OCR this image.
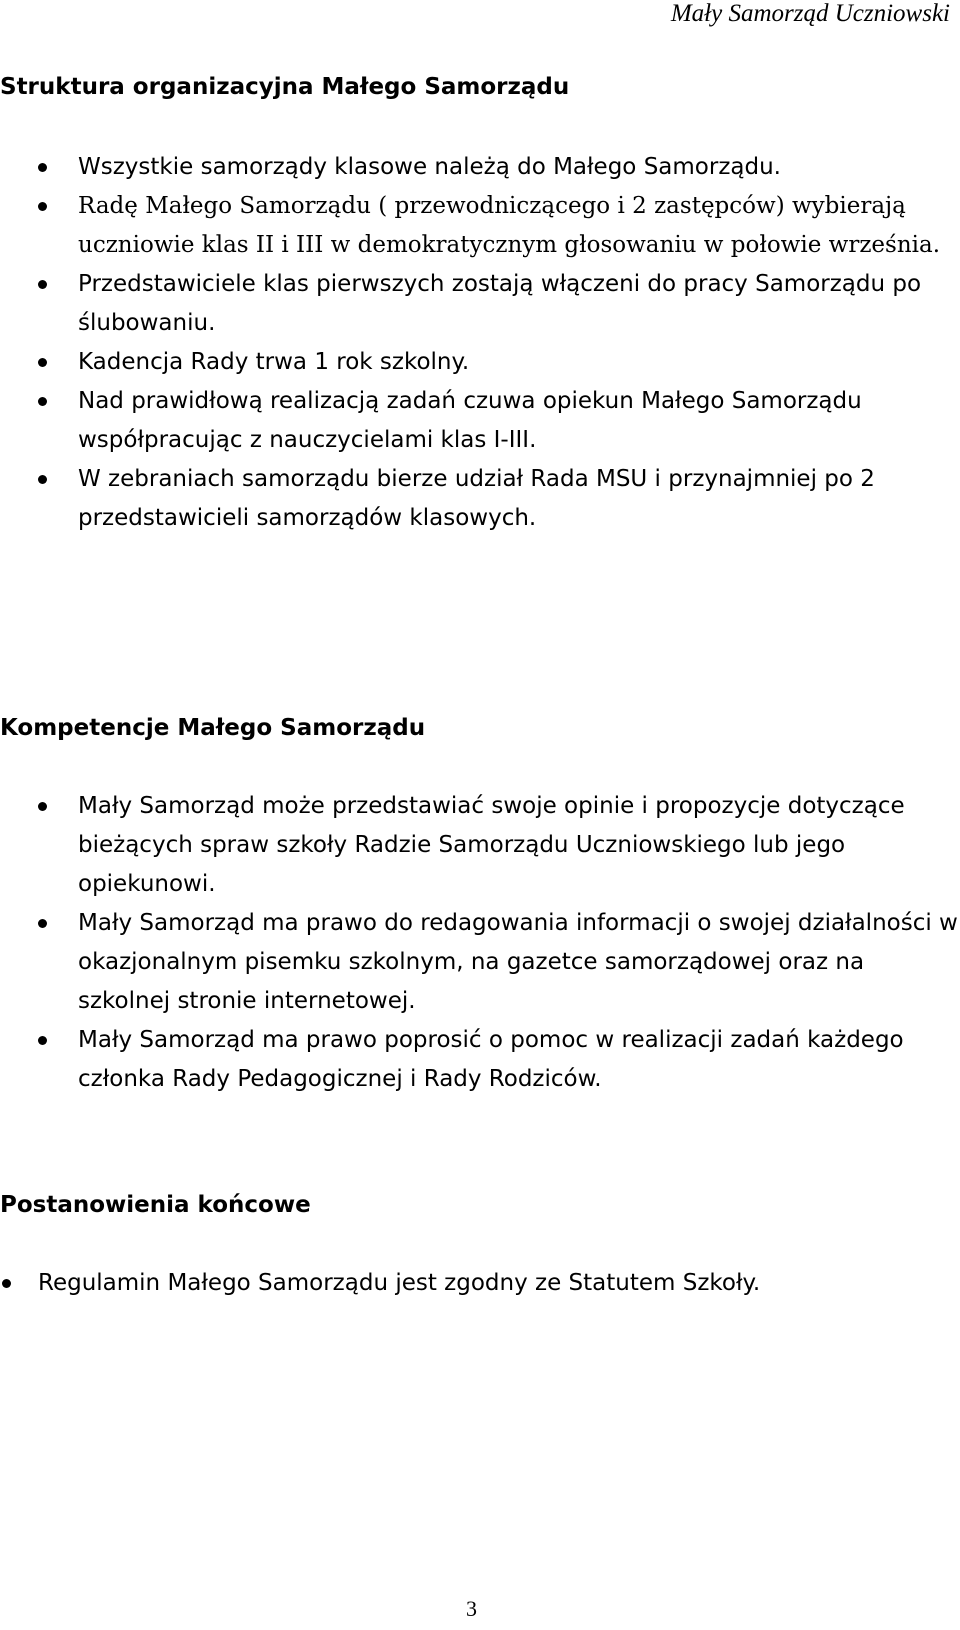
Mały Samorząd Uczniowski
Struktura organizacyjna Małego Samorządu
Wszystkie samorządy klasowe należą do Małego Samorządu.
Radę Małego Samorządu ( przewodniczącego i 2 zastępców) wybierają uczniowie klas II i III w demokratycznym głosowaniu w połowie września.
Przedstawiciele klas pierwszych zostają włączeni do pracy Samorządu po ślubowaniu.
Kadencja Rady trwa 1 rok szkolny.
Nad prawidłową realizacją zadań czuwa opiekun Małego Samorządu współpracując z nauczycielami klas I-III.
W zebraniach samorządu bierze udział Rada MSU i przynajmniej po 2 przedstawicieli samorządów klasowych.
Kompetencje Małego Samorządu
Mały Samorząd może przedstawiać swoje opinie i propozycje dotyczące bieżących spraw szkoły Radzie Samorządu Uczniowskiego lub jego opiekunowi.
Mały Samorząd ma prawo do redagowania informacji o swojej działalności w okazjonalnym pisemku szkolnym, na gazetce samorządowej oraz na szkolnej stronie internetowej.
Mały Samorząd ma prawo poprosić o pomoc w realizacji zadań każdego członka Rady Pedagogicznej i Rady Rodziców.
Postanowienia końcowe
Regulamin Małego Samorządu jest zgodny ze Statutem Szkoły.

3
